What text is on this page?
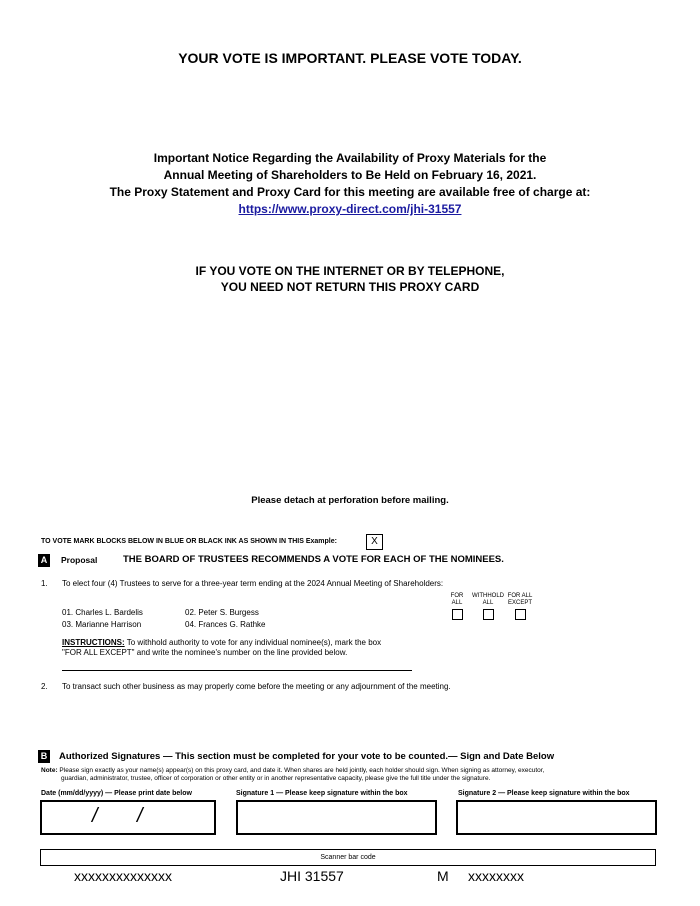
YOUR VOTE IS IMPORTANT. PLEASE VOTE TODAY.
Important Notice Regarding the Availability of Proxy Materials for the
Annual Meeting of Shareholders to Be Held on February 16, 2021.
The Proxy Statement and Proxy Card for this meeting are available free of charge at:
https://www.proxy-direct.com/jhi-31557
IF YOU VOTE ON THE INTERNET OR BY TELEPHONE,
YOU NEED NOT RETURN THIS PROXY CARD
Please detach at perforation before mailing.
TO VOTE MARK BLOCKS BELOW IN BLUE OR BLACK INK AS SHOWN IN THIS Example:	X
A	Proposal	THE BOARD OF TRUSTEES RECOMMENDS A VOTE FOR EACH OF THE NOMINEES.
1. To elect four (4) Trustees to serve for a three-year term ending at the 2024 Annual Meeting of Shareholders:
FOR
ALL
WITHHOLD
ALL
FOR ALL
EXCEPT
01. Charles L. Bardelis	02. Peter S. Burgess
03. Marianne Harrison	04. Frances G. Rathke
INSTRUCTIONS: To withhold authority to vote for any individual nominee(s), mark the box
"FOR ALL EXCEPT" and write the nominee's number on the line provided below.
2. To transact such other business as may properly come before the meeting or any adjournment of the meeting.
B Authorized Signatures — This section must be completed for your vote to be counted.— Sign and Date Below
Note: Please sign exactly as your name(s) appear(s) on this proxy card, and date it. When shares are held jointly, each holder should sign. When signing as attorney, executor,
guardian, administrator, trustee, officer of corporation or other entity or in another representative capacity, please give the full title under the signature.
Date (mm/dd/yyyy) — Please print date below	Signature 1 — Please keep signature within the box	Signature 2 — Please keep signature within the box
/ /
Scanner bar code
xxxxxxxxxxxxxx	JHI 31557	M xxxxxxxx
